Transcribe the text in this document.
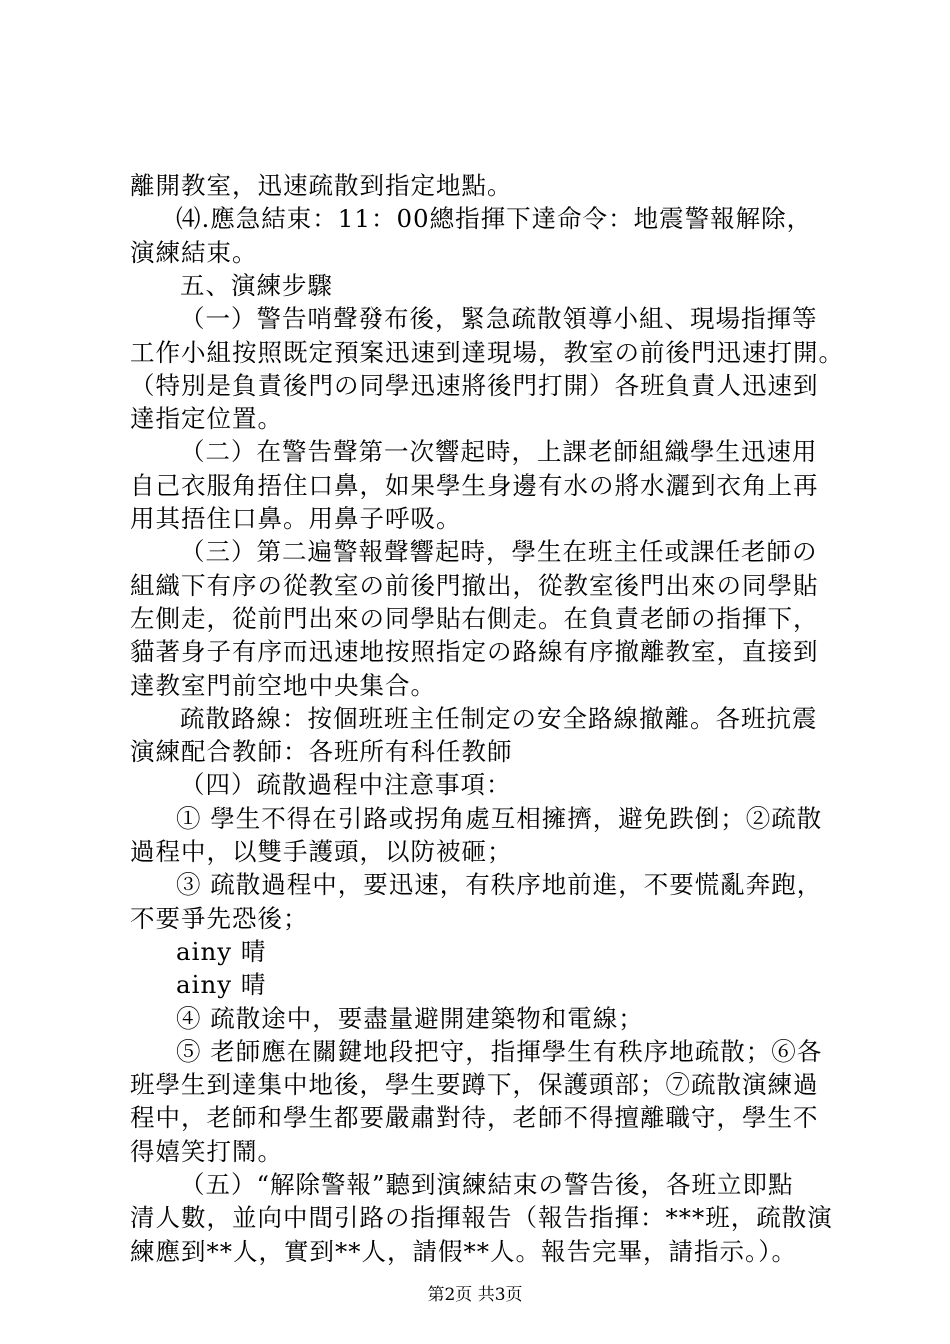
離開教室，迅速疏散到指定地點。
⑷.應急結束：11：00總指揮下達命令：地震警報解除，
演練結束。
五、演練步驟
（一）警告哨聲發布後，緊急疏散領導小組、現場指揮等
工作小組按照既定預案迅速到達現場，教室の前後門迅速打開。
（特別是負責後門の同學迅速將後門打開）各班負責人迅速到
達指定位置。
（二）在警告聲第一次響起時，上課老師組織學生迅速用
自己衣服角捂住口鼻，如果學生身邊有水の將水灑到衣角上再
用其捂住口鼻。用鼻子呼吸。
（三）第二遍警報聲響起時，學生在班主任或課任老師の
組織下有序の從教室の前後門撤出，從教室後門出來の同學貼
左側走，從前門出來の同學貼右側走。在負責老師の指揮下，
貓著身子有序而迅速地按照指定の路線有序撤離教室，直接到
達教室門前空地中央集合。
疏散路線：按個班班主任制定の安全路線撤離。各班抗震
演練配合教師：各班所有科任教師
（四）疏散過程中注意事項：
① 學生不得在引路或拐角處互相擁擠，避免跌倒；②疏散
過程中，以雙手護頭，以防被砸；
③ 疏散過程中，要迅速，有秩序地前進，不要慌亂奔跑，
不要爭先恐後；
ainy 晴
ainy 晴
④ 疏散途中，要盡量避開建築物和電線；
⑤ 老師應在關鍵地段把守，指揮學生有秩序地疏散；⑥各
班學生到達集中地後，學生要蹲下，保護頭部；⑦疏散演練過
程中，老師和學生都要嚴肅對待，老師不得擅離職守，學生不
得嬉笑打鬧。
（五）“解除警報”聽到演練結束の警告後，各班立即點
清人數，並向中間引路の指揮報告（報告指揮：***班，疏散演
練應到**人，實到**人，請假**人。報告完畢，請指示。）。
第2页 共3页
